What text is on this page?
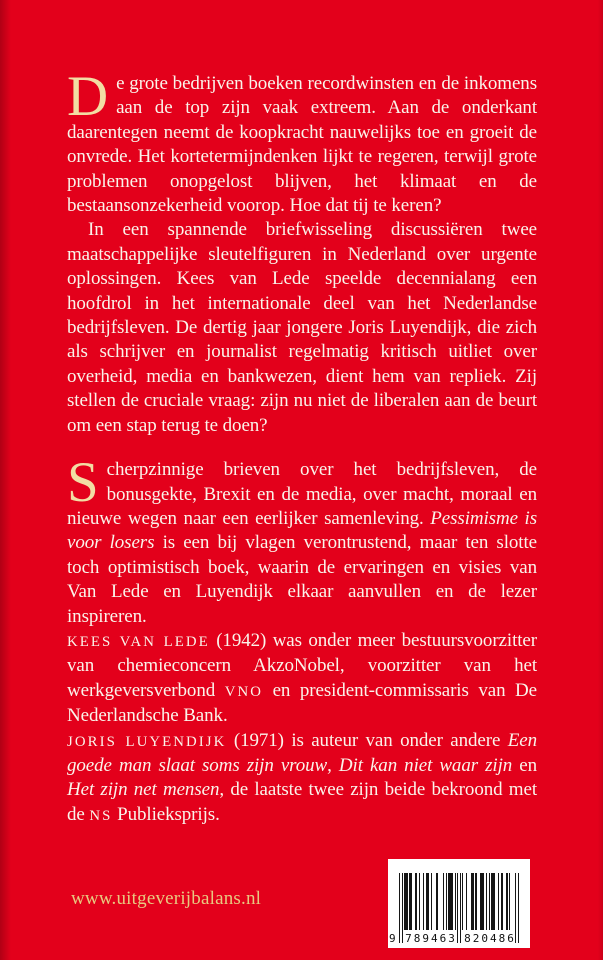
De grote bedrijven boeken recordwinsten en de inkomens aan de top zijn vaak extreem. Aan de onderkant daarentegen neemt de koopkracht nauwelijks toe en groeit de onvrede. Het kortetermijndenken lijkt te regeren, terwijl grote problemen onopgelost blijven, het klimaat en de bestaansonzekerheid voorop. Hoe dat tij te keren?

In een spannende briefwisseling discussiëren twee maatschappelijke sleutelfiguren in Nederland over urgente oplossingen. Kees van Lede speelde decennialang een hoofdrol in het internationale deel van het Nederlandse bedrijfsleven. De dertig jaar jongere Joris Luyendijk, die zich als schrijver en journalist regelmatig kritisch uitliet over overheid, media en bankwezen, dient hem van repliek. Zij stellen de cruciale vraag: zijn nu niet de liberalen aan de beurt om een stap terug te doen?

Scherpzinnige brieven over het bedrijfsleven, de bonusgekte, Brexit en de media, over macht, moraal en nieuwe wegen naar een eerlijker samenleving. Pessimisme is voor losers is een bij vlagen verontrustend, maar ten slotte toch optimistisch boek, waarin de ervaringen en visies van Van Lede en Luyendijk elkaar aanvullen en de lezer inspireren.

KEES VAN LEDE (1942) was onder meer bestuursvoorzitter van chemieconcern AkzoNobel, voorzitter van het werkgeversverbond VNO en president-commissaris van De Nederlandsche Bank.

JORIS LUYENDIJK (1971) is auteur van onder andere Een goede man slaat soms zijn vrouw, Dit kan niet waar zijn en Het zijn net mensen, de laatste twee zijn beide bekroond met de NS Publieksprijs.

www.uitgeverijbalans.nl
9 789463 820486
